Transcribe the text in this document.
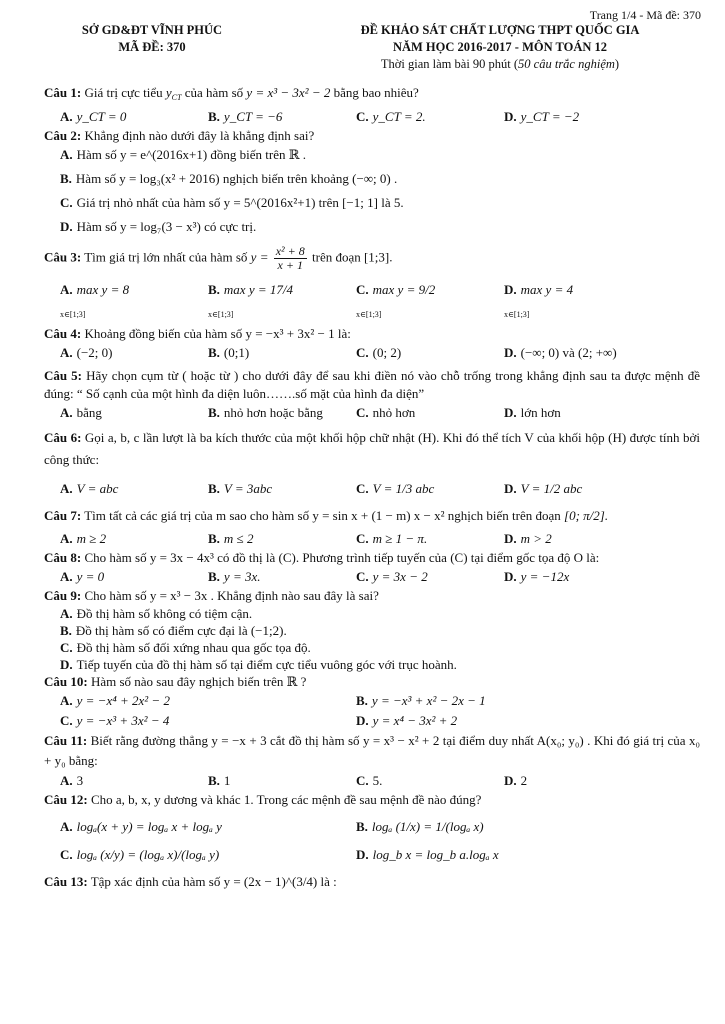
Trang 1/4 - Mã đề: 370
SỞ GD&ĐT VĨNH PHÚC
MÃ ĐỀ: 370
ĐỀ KHẢO SÁT CHẤT LƯỢNG THPT QUỐC GIA
NĂM HỌC 2016-2017 - MÔN TOÁN 12
Thời gian làm bài 90 phút (50 câu trắc nghiệm)
Câu 1: Giá trị cực tiểu $y_{CT}$ của hàm số y = x³ − 3x² − 2 bằng bao nhiêu?
A. y_CT = 0	B. y_CT = −6	C. y_CT = 2.	D. y_CT = −2
Câu 2: Khẳng định nào dưới đây là khẳng định sai?
A. Hàm số y = e^(2016x+1) đồng biến trên ℝ .
B. Hàm số y = log₃(x² + 2016) nghịch biến trên khoảng (−∞; 0) .
C. Giá trị nhỏ nhất của hàm số y = 5^(2016x²+1) trên [−1; 1] là 5.
D. Hàm số y = log₇(3 − x³) có cực trị.
Câu 3: Tìm giá trị lớn nhất của hàm số $y = \frac{\text{x² + 8}}{x + 1}$ trên đoạn [1;3].
A. max y = 8	B. max y = 17/4	C. max y = 9/2	D. max y = 4
$_{x\in[1;3]}$	$_{x\in[1;3]}$	$_{x\in[1;3]}$	$_{x\in[1;3]}$
Câu 4: Khoảng đồng biến của hàm số y = −x³ + 3x² − 1 là:
A. (−2; 0)	B. (0;1)	C. (0; 2)	D. (−∞; 0) và (2; +∞)
Câu 5: Hãy chọn cụm từ ( hoặc từ ) cho dưới đây để sau khi điền nó vào chỗ trống trong khẳng định sau ta được mệnh đề đúng: “ Số cạnh của một hình đa diện luôn…….số mặt của hình đa diện”
A. bằng	B. nhỏ hơn hoặc bằng	C. nhỏ hơn	D. lớn hơn
Câu 6: Gọi a, b, c lần lượt là ba kích thước của một khối hộp chữ nhật (H). Khi đó thể tích V của khối hộp (H) được tính bởi công thức:
A. V = abc	B. V = 3abc	C. V = 1/3 abc	D. V = 1/2 abc
Câu 7: Tìm tất cả các giá trị của m sao cho hàm số y = sin x + (1 − m) x − x² nghịch biến trên đoạn [0; π/2].
A. m ≥ 2	B. m ≤ 2	C. m ≥ 1 − π.	D. m > 2
Câu 8: Cho hàm số y = 3x − 4x³ có đồ thị là (C). Phương trình tiếp tuyến của (C) tại điểm gốc tọa độ O là:
A. y = 0	B. y = 3x.	C. y = 3x − 2	D. y = −12x
Câu 9: Cho hàm số y = x³ − 3x . Khẳng định nào sau đây là sai?
A. Đồ thị hàm số không có tiệm cận.
B. Đồ thị hàm số có điểm cực đại là (−1;2).
C. Đồ thị hàm số đối xứng nhau qua gốc tọa độ.
D. Tiếp tuyến của đồ thị hàm số tại điểm cực tiểu vuông góc với trục hoành.
Câu 10: Hàm số nào sau đây nghịch biến trên ℝ ?
A. y = −x⁴ + 2x² − 2	B. y = −x³ + x² − 2x − 1
C. y = −x³ + 3x² − 4	D. y = x⁴ − 3x² + 2
Câu 11: Biết rằng đường thẳng y = −x + 3 cắt đồ thị hàm số y = x³ − x² + 2 tại điểm duy nhất A(x₀; y₀) . Khi đó giá trị của x₀ + y₀ bằng:
A. 3	B. 1	C. 5.	D. 2
Câu 12: Cho a, b, x, y dương và khác 1. Trong các mệnh đề sau mệnh đề nào đúng?
A. logₐ(x + y) = logₐ x + logₐ y	B. logₐ (1/x) = 1/(logₐ x)
C. logₐ (x/y) = (logₐ x)/(logₐ y)	D. log_b x = log_b a.logₐ x
Câu 13: Tập xác định của hàm số y = (2x − 1)^(3/4) là :
